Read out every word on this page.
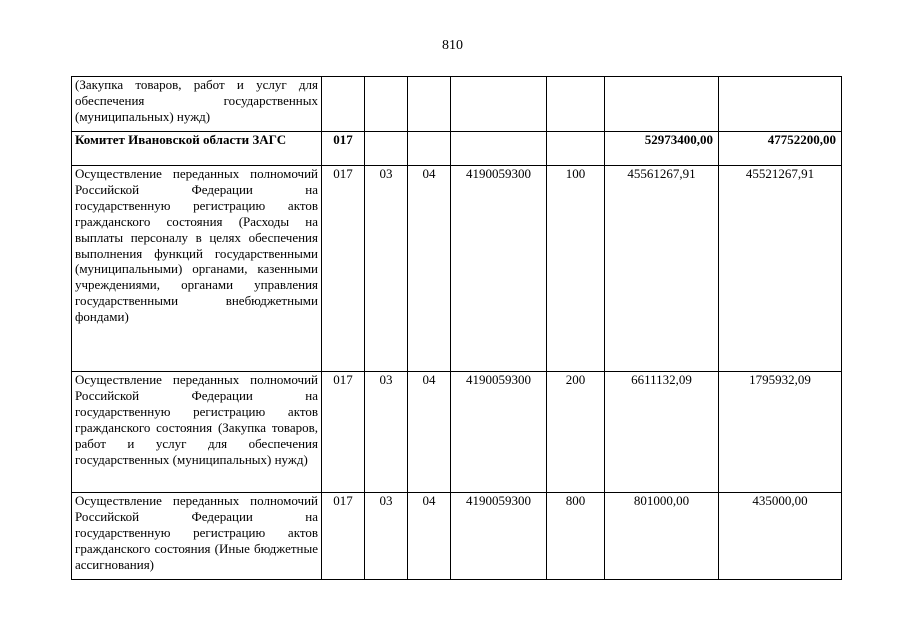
810
(Закупка товаров, работ и услуг для обеспечения государственных (муниципальных) нужд)							
Комитет Ивановской области ЗАГС	017					52973400,00	47752200,00
Осуществление переданных полномочий Российской Федерации на государственную регистрацию актов гражданского состояния (Расходы на выплаты персоналу в целях обеспечения выполнения функций государственными (муниципальными) органами, казенными учреждениями, органами управления государственными внебюджетными фондами)	017	03	04	4190059300	100	45561267,91	45521267,91
Осуществление переданных полномочий Российской Федерации на государственную регистрацию актов гражданского состояния (Закупка товаров, работ и услуг для обеспечения государственных (муниципальных) нужд)	017	03	04	4190059300	200	6611132,09	1795932,09
Осуществление переданных полномочий Российской Федерации на государственную регистрацию актов гражданского состояния (Иные бюджетные ассигнования)	017	03	04	4190059300	800	801000,00	435000,00
